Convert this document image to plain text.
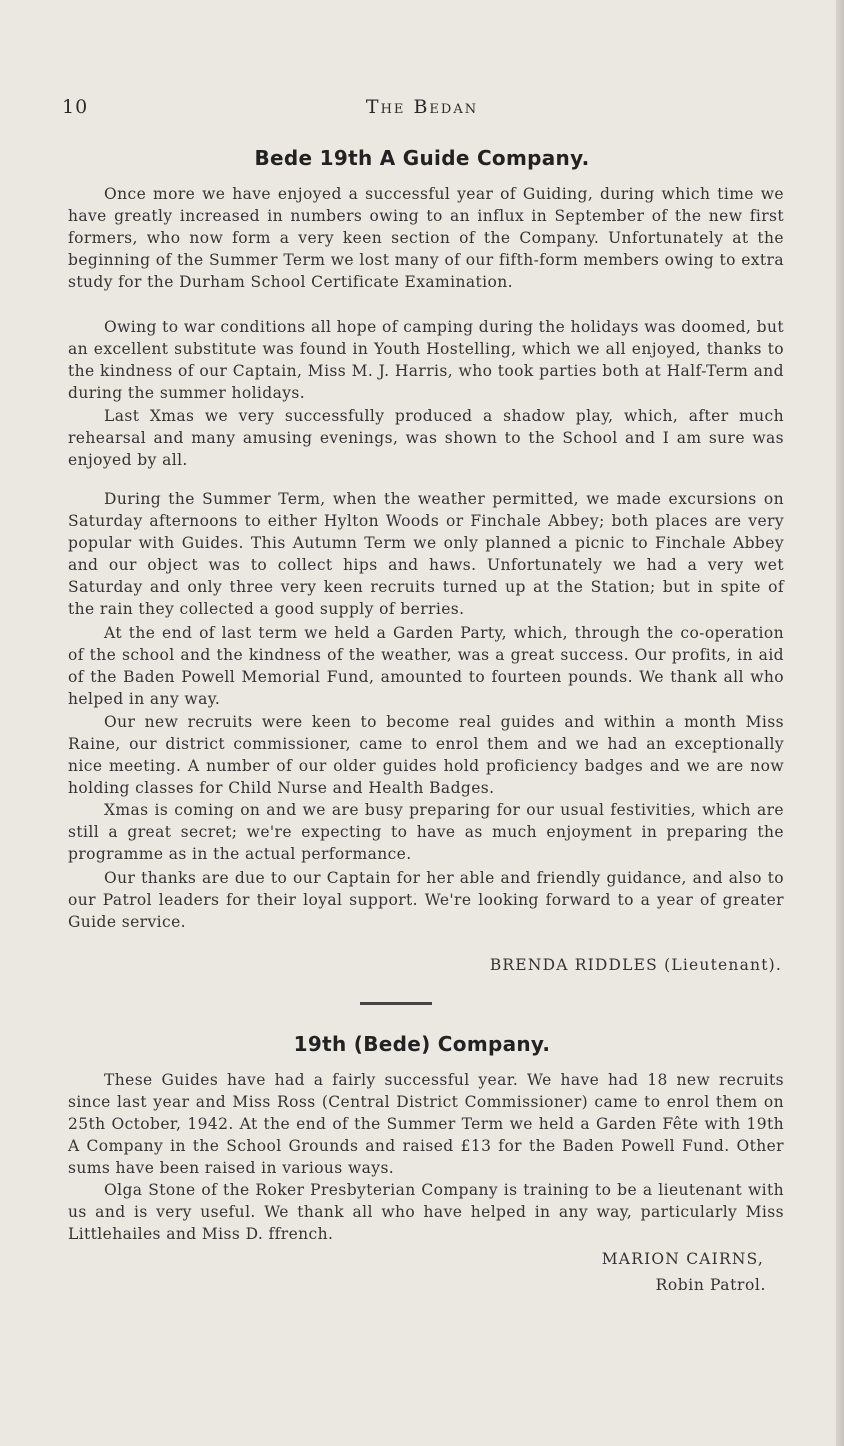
10	The Bedan
Bede 19th A Guide Company.

Once more we have enjoyed a successful year of Guiding, during which time we have greatly increased in numbers owing to an influx in September of the new first formers, who now form a very keen section of the Company. Unfortunately at the beginning of the Summer Term we lost many of our fifth-form members owing to extra study for the Durham School Certificate Examination.

Owing to war conditions all hope of camping during the holidays was doomed, but an excellent substitute was found in Youth Hostelling, which we all enjoyed, thanks to the kindness of our Captain, Miss M. J. Harris, who took parties both at Half-Term and during the summer holidays.

Last Xmas we very successfully produced a shadow play, which, after much rehearsal and many amusing evenings, was shown to the School and I am sure was enjoyed by all.

During the Summer Term, when the weather permitted, we made excursions on Saturday afternoons to either Hylton Woods or Finchale Abbey; both places are very popular with Guides. This Autumn Term we only planned a picnic to Finchale Abbey and our object was to collect hips and haws. Unfortunately we had a very wet Saturday and only three very keen recruits turned up at the Station; but in spite of the rain they collected a good supply of berries.

At the end of last term we held a Garden Party, which, through the co-operation of the school and the kindness of the weather, was a great success. Our profits, in aid of the Baden Powell Memorial Fund, amounted to fourteen pounds. We thank all who helped in any way.

Our new recruits were keen to become real guides and within a month Miss Raine, our district commissioner, came to enrol them and we had an exceptionally nice meeting. A number of our older guides hold proficiency badges and we are now holding classes for Child Nurse and Health Badges.

Xmas is coming on and we are busy preparing for our usual festivities, which are still a great secret; we're expecting to have as much enjoyment in preparing the programme as in the actual performance.

Our thanks are due to our Captain for her able and friendly guidance, and also to our Patrol leaders for their loyal support. We're looking forward to a year of greater Guide service.

BRENDA RIDDLES (Lieutenant).
19th (Bede) Company.

These Guides have had a fairly successful year. We have had 18 new recruits since last year and Miss Ross (Central District Commissioner) came to enrol them on 25th October, 1942. At the end of the Summer Term we held a Garden Fête with 19th A Company in the School Grounds and raised £13 for the Baden Powell Fund. Other sums have been raised in various ways.

Olga Stone of the Roker Presbyterian Company is training to be a lieutenant with us and is very useful. We thank all who have helped in any way, particularly Miss Littlehailes and Miss D. ffrench.

MARION CAIRNS,
Robin Patrol.
